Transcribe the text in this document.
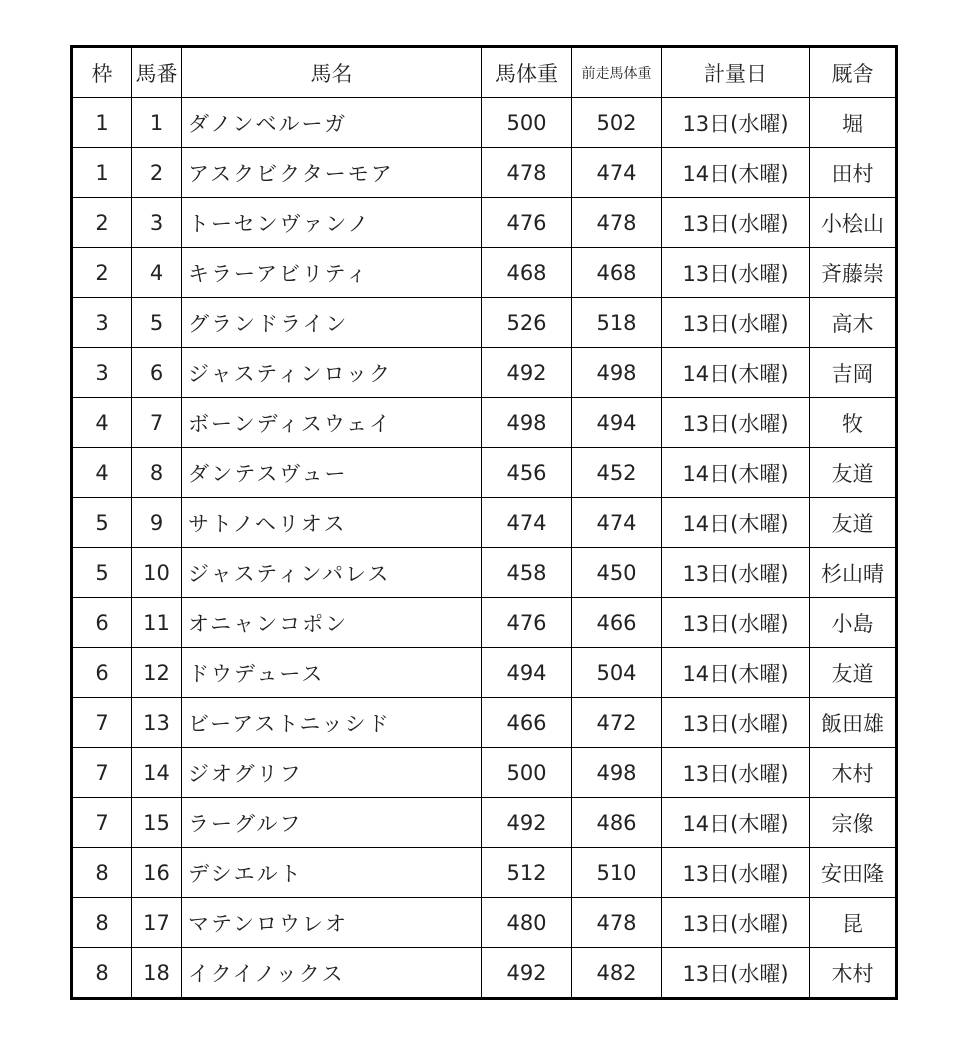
枠	馬番	馬名	馬体重	前走馬体重	計量日	厩舎
1	1	ダノンベルーガ	500	502	13日(水曜)	堀
1	2	アスクビクターモア	478	474	14日(木曜)	田村
2	3	トーセンヴァンノ	476	478	13日(水曜)	小桧山
2	4	キラーアビリティ	468	468	13日(水曜)	斉藤崇
3	5	グランドライン	526	518	13日(水曜)	高木
3	6	ジャスティンロック	492	498	14日(木曜)	吉岡
4	7	ボーンディスウェイ	498	494	13日(水曜)	牧
4	8	ダンテスヴュー	456	452	14日(木曜)	友道
5	9	サトノヘリオス	474	474	14日(木曜)	友道
5	10	ジャスティンパレス	458	450	13日(水曜)	杉山晴
6	11	オニャンコポン	476	466	13日(水曜)	小島
6	12	ドウデュース	494	504	14日(木曜)	友道
7	13	ビーアストニッシド	466	472	13日(水曜)	飯田雄
7	14	ジオグリフ	500	498	13日(水曜)	木村
7	15	ラーグルフ	492	486	14日(木曜)	宗像
8	16	デシエルト	512	510	13日(水曜)	安田隆
8	17	マテンロウレオ	480	478	13日(水曜)	昆
8	18	イクイノックス	492	482	13日(水曜)	木村
